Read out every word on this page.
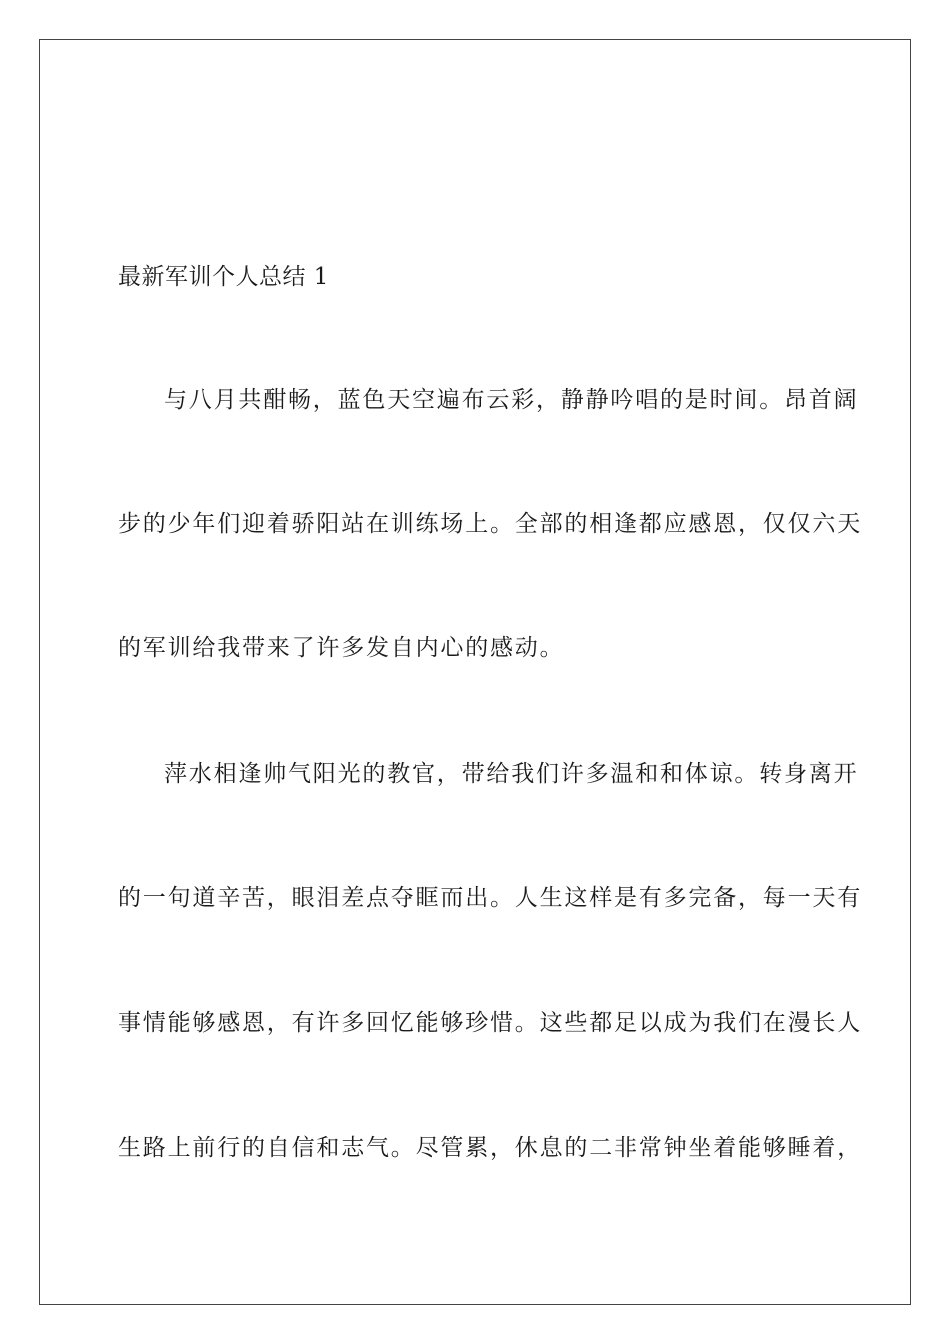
最新军训个人总结 1
与八月共酣畅，蓝色天空遍布云彩，静静吟唱的是时间。昂首阔
步的少年们迎着骄阳站在训练场上。全部的相逢都应感恩，仅仅六天
的军训给我带来了许多发自内心的感动。
萍水相逢帅气阳光的教官，带给我们许多温和和体谅。转身离开
的一句道辛苦，眼泪差点夺眶而出。人生这样是有多完备，每一天有
事情能够感恩，有许多回忆能够珍惜。这些都足以成为我们在漫长人
生路上前行的自信和志气。尽管累，休息的二非常钟坐着能够睡着，
